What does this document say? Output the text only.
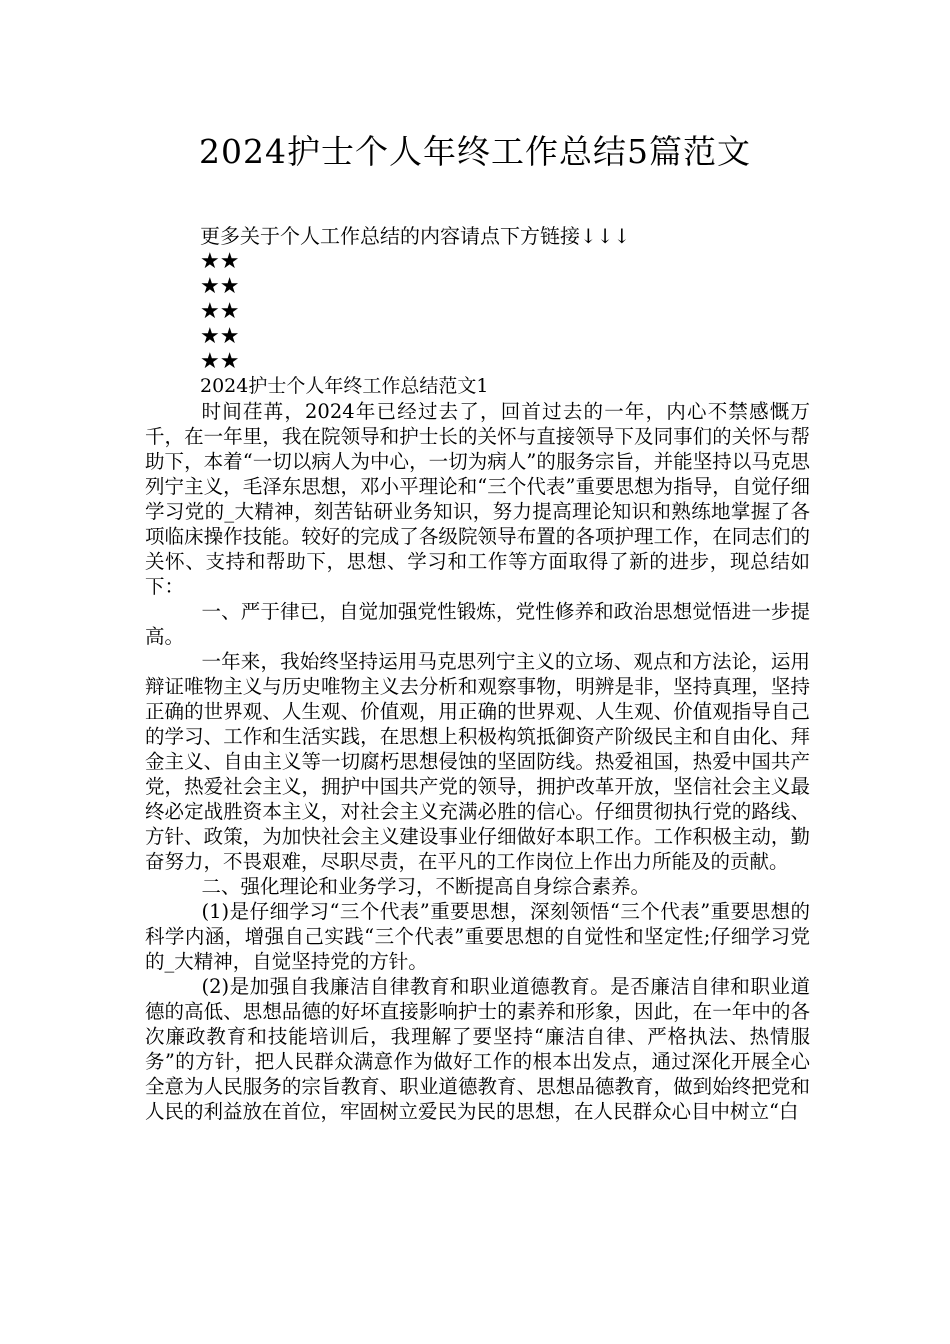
2024护士个人年终工作总结5篇范文
更多关于个人工作总结的内容请点下方链接↓↓↓
★★
★★
★★
★★
★★
2024护士个人年终工作总结范文1

时间荏苒，2024年已经过去了，回首过去的一年，内心不禁感慨万千，在一年里，我在院领导和护士长的关怀与直接领导下及同事们的关怀与帮助下，本着“一切以病人为中心，一切为病人”的服务宗旨，并能坚持以马克思列宁主义，毛泽东思想，邓小平理论和“三个代表”重要思想为指导，自觉仔细学习党的_大精神，刻苦钻研业务知识，努力提高理论知识和熟练地掌握了各项临床操作技能。较好的完成了各级院领导布置的各项护理工作，在同志们的关怀、支持和帮助下，思想、学习和工作等方面取得了新的进步，现总结如下：

一、严于律已，自觉加强党性锻炼，党性修养和政治思想觉悟进一步提高。

一年来，我始终坚持运用马克思列宁主义的立场、观点和方法论，运用辩证唯物主义与历史唯物主义去分析和观察事物，明辨是非，坚持真理，坚持正确的世界观、人生观、价值观，用正确的世界观、人生观、价值观指导自己的学习、工作和生活实践，在思想上积极构筑抵御资产阶级民主和自由化、拜金主义、自由主义等一切腐朽思想侵蚀的坚固防线。热爱祖国，热爱中国共产党，热爱社会主义，拥护中国共产党的领导，拥护改革开放，坚信社会主义最终必定战胜资本主义，对社会主义充满必胜的信心。仔细贯彻执行党的路线、方针、政策，为加快社会主义建设事业仔细做好本职工作。工作积极主动，勤奋努力，不畏艰难，尽职尽责，在平凡的工作岗位上作出力所能及的贡献。

二、强化理论和业务学习，不断提高自身综合素养。

(1)是仔细学习“三个代表”重要思想，深刻领悟“三个代表”重要思想的科学内涵，增强自己实践“三个代表”重要思想的自觉性和坚定性;仔细学习党的_大精神，自觉坚持党的方针。

(2)是加强自我廉洁自律教育和职业道德教育。是否廉洁自律和职业道德的高低、思想品德的好坏直接影响护士的素养和形象，因此，在一年中的各次廉政教育和技能培训后，我理解了要坚持“廉洁自律、严格执法、热情服务”的方针，把人民群众满意作为做好工作的根本出发点，通过深化开展全心全意为人民服务的宗旨教育、职业道德教育、思想品德教育，做到始终把党和人民的利益放在首位，牢固树立爱民为民的思想，在人民群众心目中树立“白
